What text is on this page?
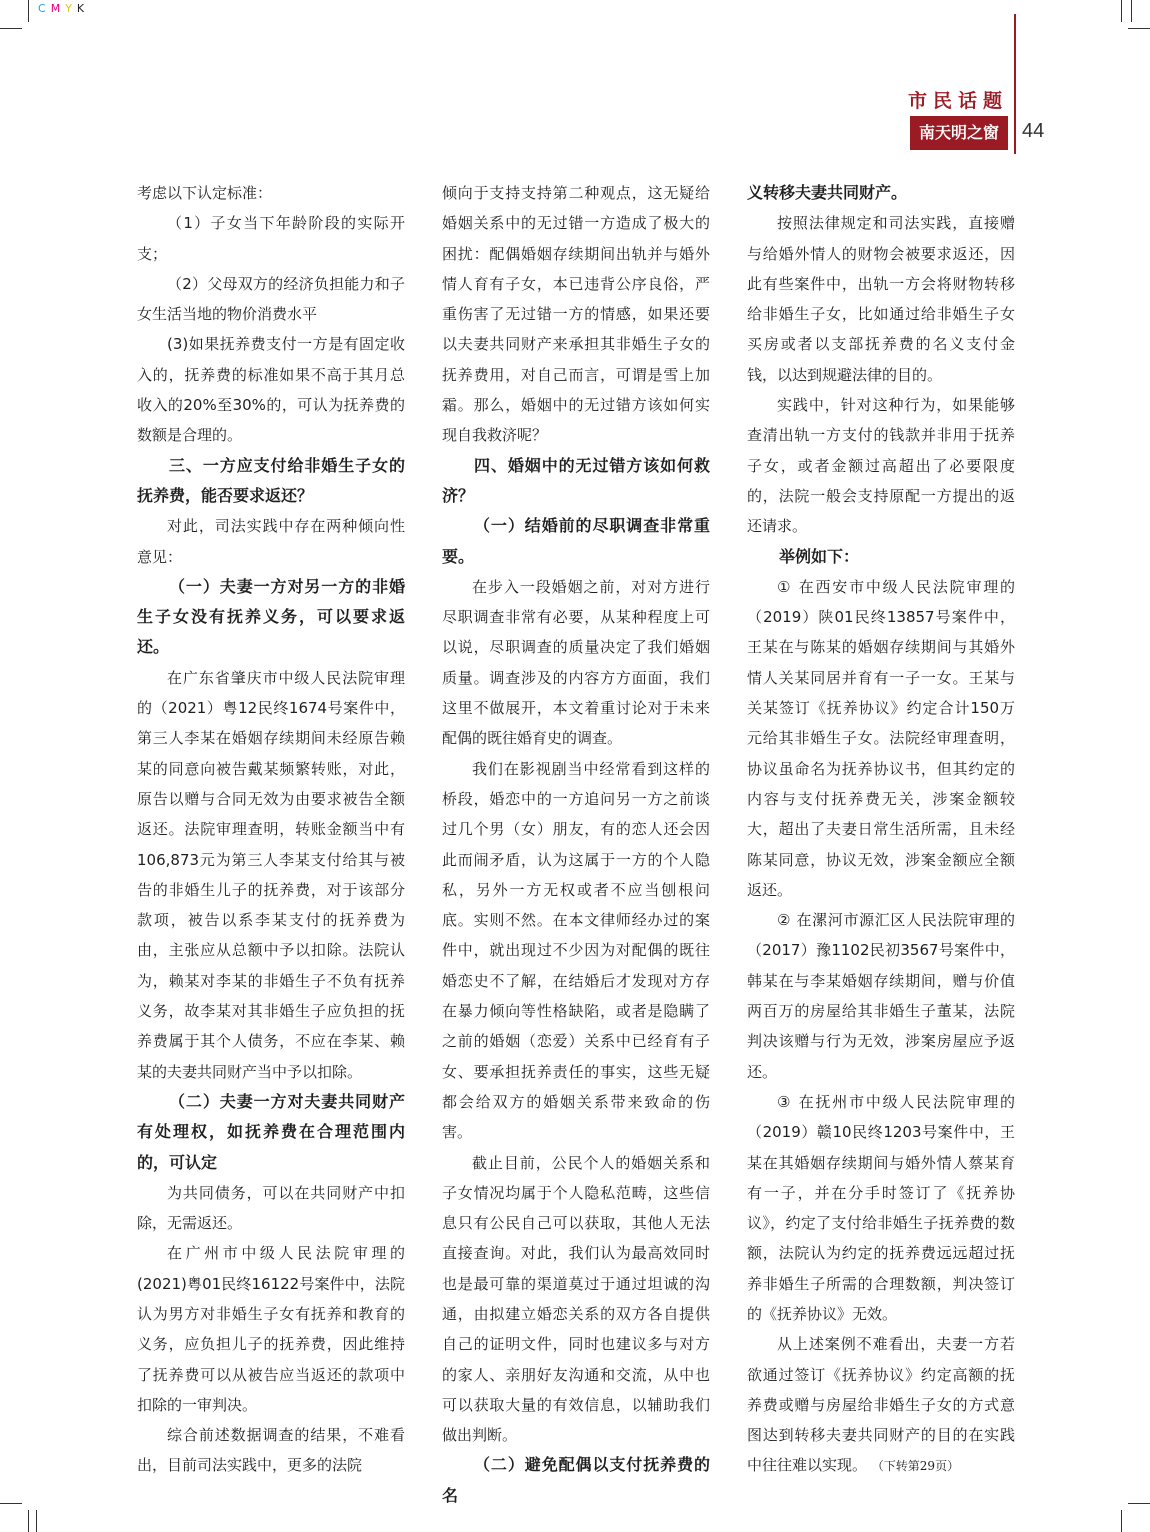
CMYK
市民话题
南天明之窗	44

考虑以下认定标准：

（1）子女当下年龄阶段的实际开支；

（2）父母双方的经济负担能力和子女生活当地的物价消费水平

(3)如果抚养费支付一方是有固定收入的，抚养费的标准如果不高于其月总收入的20%至30%的，可认为抚养费的数额是合理的。

三、一方应支付给非婚生子女的抚养费，能否要求返还？

对此，司法实践中存在两种倾向性意见：

（一）夫妻一方对另一方的非婚生子女没有抚养义务，可以要求返还。

在广东省肇庆市中级人民法院审理的（2021）粤12民终1674号案件中，第三人李某在婚姻存续期间未经原告赖某的同意向被告戴某频繁转账，对此，原告以赠与合同无效为由要求被告全额返还。法院审理查明，转账金额当中有106,873元为第三人李某支付给其与被告的非婚生儿子的抚养费，对于该部分款项，被告以系李某支付的抚养费为由，主张应从总额中予以扣除。法院认为，赖某对李某的非婚生子不负有抚养义务，故李某对其非婚生子应负担的抚养费属于其个人债务，不应在李某、赖某的夫妻共同财产当中予以扣除。

（二）夫妻一方对夫妻共同财产有处理权，如抚养费在合理范围内的，可认定

为共同债务，可以在共同财产中扣除，无需返还。

在广州市中级人民法院审理的(2021)粤01民终16122号案件中，法院认为男方对非婚生子女有抚养和教育的义务，应负担儿子的抚养费，因此维持了抚养费可以从被告应当返还的款项中扣除的一审判决。

综合前述数据调查的结果，不难看出，目前司法实践中，更多的法院

倾向于支持支持第二种观点，这无疑给婚姻关系中的无过错一方造成了极大的困扰：配偶婚姻存续期间出轨并与婚外情人育有子女，本已违背公序良俗，严重伤害了无过错一方的情感，如果还要以夫妻共同财产来承担其非婚生子女的抚养费用，对自己而言，可谓是雪上加霜。那么，婚姻中的无过错方该如何实现自我救济呢？

四、婚姻中的无过错方该如何救济？

（一）结婚前的尽职调查非常重要。

在步入一段婚姻之前，对对方进行尽职调查非常有必要，从某种程度上可以说，尽职调查的质量决定了我们婚姻质量。调查涉及的内容方方面面，我们这里不做展开，本文着重讨论对于未来配偶的既往婚育史的调查。

我们在影视剧当中经常看到这样的桥段，婚恋中的一方追问另一方之前谈过几个男（女）朋友，有的恋人还会因此而闹矛盾，认为这属于一方的个人隐私，另外一方无权或者不应当刨根问底。实则不然。在本文律师经办过的案件中，就出现过不少因为对配偶的既往婚恋史不了解，在结婚后才发现对方存在暴力倾向等性格缺陷，或者是隐瞒了之前的婚姻（恋爱）关系中已经育有子女、要承担抚养责任的事实，这些无疑都会给双方的婚姻关系带来致命的伤害。

截止目前，公民个人的婚姻关系和子女情况均属于个人隐私范畴，这些信息只有公民自己可以获取，其他人无法直接查询。对此，我们认为最高效同时也是最可靠的渠道莫过于通过坦诚的沟通，由拟建立婚恋关系的双方各自提供自己的证明文件，同时也建议多与对方的家人、亲朋好友沟通和交流，从中也可以获取大量的有效信息，以辅助我们做出判断。

（二）避免配偶以支付抚养费的名

义转移夫妻共同财产。

按照法律规定和司法实践，直接赠与给婚外情人的财物会被要求返还，因此有些案件中，出轨一方会将财物转移给非婚生子女，比如通过给非婚生子女买房或者以支部抚养费的名义支付金钱，以达到规避法律的目的。

实践中，针对这种行为，如果能够查清出轨一方支付的钱款并非用于抚养子女，或者金额过高超出了必要限度的，法院一般会支持原配一方提出的返还请求。

举例如下：

① 在西安市中级人民法院审理的（2019）陕01民终13857号案件中，王某在与陈某的婚姻存续期间与其婚外情人关某同居并育有一子一女。王某与关某签订《抚养协议》约定合计150万元给其非婚生子女。法院经审理查明，协议虽命名为抚养协议书，但其约定的内容与支付抚养费无关，涉案金额较大，超出了夫妻日常生活所需，且未经陈某同意，协议无效，涉案金额应全额返还。

② 在漯河市源汇区人民法院审理的（2017）豫1102民初3567号案件中，韩某在与李某婚姻存续期间，赠与价值两百万的房屋给其非婚生子董某，法院判决该赠与行为无效，涉案房屋应予返还。

③ 在抚州市中级人民法院审理的（2019）赣10民终1203号案件中，王某在其婚姻存续期间与婚外情人蔡某育有一子，并在分手时签订了《抚养协议》，约定了支付给非婚生子抚养费的数额，法院认为约定的抚养费远远超过抚养非婚生子所需的合理数额，判决签订的《抚养协议》无效。

从上述案例不难看出，夫妻一方若欲通过签订《抚养协议》约定高额的抚养费或赠与房屋给非婚生子女的方式意图达到转移夫妻共同财产的目的在实践中往往难以实现。 （下转第29页）
